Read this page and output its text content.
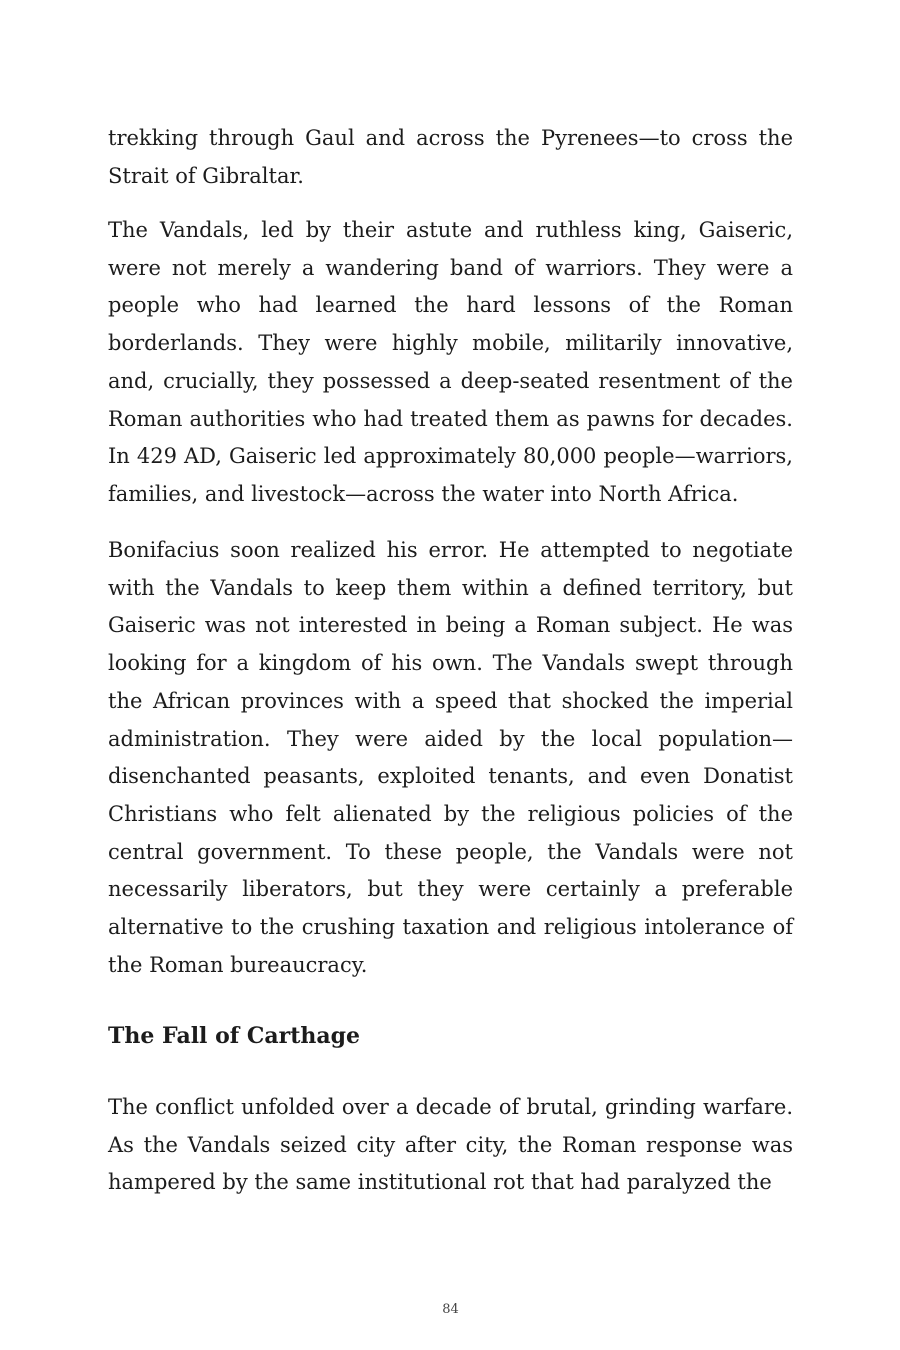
trekking through Gaul and across the Pyrenees—to cross the Strait of Gibraltar.

The Vandals, led by their astute and ruthless king, Gaiseric, were not merely a wandering band of warriors. They were a people who had learned the hard lessons of the Roman borderlands. They were highly mobile, militarily innovative, and, crucially, they possessed a deep-seated resentment of the Roman authorities who had treated them as pawns for decades. In 429 AD, Gaiseric led approximately 80,000 people—warriors, families, and livestock—across the water into North Africa.

Bonifacius soon realized his error. He attempted to negotiate with the Vandals to keep them within a defined territory, but Gaiseric was not interested in being a Roman subject. He was looking for a kingdom of his own. The Vandals swept through the African provinces with a speed that shocked the imperial administration. They were aided by the local population—disenchanted peasants, exploited tenants, and even Donatist Christians who felt alienated by the religious policies of the central government. To these people, the Vandals were not necessarily liberators, but they were certainly a preferable alternative to the crushing taxation and religious intolerance of the Roman bureaucracy.

The Fall of Carthage

The conflict unfolded over a decade of brutal, grinding warfare. As the Vandals seized city after city, the Roman response was hampered by the same institutional rot that had paralyzed the

84
